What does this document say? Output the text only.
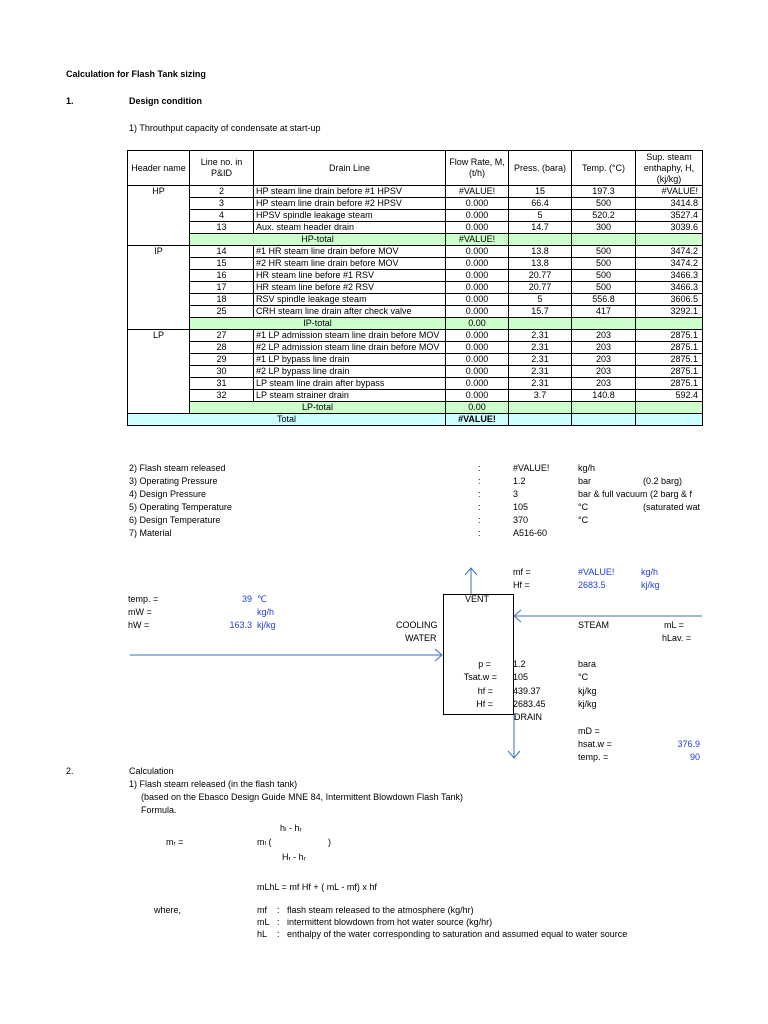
Calculation for Flash Tank sizing
1.	Design condition
1) Throuthput capacity of condensate at start-up
Header name	Line no. in P&ID	Drain Line	Flow Rate, M, (t/h)	Press. (bara)	Temp. (°C)	Sup. steam enthaphy, H, (kj/kg)
HP	2	HP steam line drain before #1 HPSV	#VALUE!	15	197.3	#VALUE!
	3	HP steam line drain before #2 HPSV	0.000	66.4	500	3414.8
	4	HPSV spindle leakage steam	0.000	5	520.2	3527.4
	13	Aux. steam header drain	0.000	14.7	300	3039.6
	HP-total		#VALUE!			
IP	14	#1 HR steam line drain before MOV	0.000	13.8	500	3474.2
	15	#2 HR steam line drain before MOV	0.000	13.8	500	3474.2
	16	HR steam line before #1 RSV	0.000	20.77	500	3466.3
	17	HR steam line before #2 RSV	0.000	20.77	500	3466.3
	18	RSV spindle leakage steam	0.000	5	556.8	3606.5
	25	CRH steam line drain after check valve	0.000	15.7	417	3292.1
	IP-total		0.00			
LP	27	#1 LP admission steam line drain before MOV	0.000	2.31	203	2875.1
	28	#2 LP admission steam line drain before MOV	0.000	2.31	203	2875.1
	29	#1 LP bypass line drain	0.000	2.31	203	2875.1
	30	#2 LP bypass line drain	0.000	2.31	203	2875.1
	31	LP steam line drain after bypass	0.000	2.31	203	2875.1
	32	LP steam strainer drain	0.000	3.7	140.8	592.4
	LP-total		0.00			
Total			#VALUE!			
2) Flash steam released	:	#VALUE!	kg/h
3) Operating Pressure	:	1.2	bar	(0.2 barg)
4) Design Pressure	:	3	bar & full vacuum (2 barg & f
5) Operating Temperature	:	105	°C	(saturated wat
6) Design Temperature	:	370	°C
7) Material	:	A516-60
mf =	#VALUE!	kg/h
Hf =	2683.5	kj/kg
VENT
temp. =	39 ℃
mW =	kg/h
hW =	163.3 kj/kg	COOLING
WATER
STEAM	mL =
hLav. =
p = 1.2	bara
Tsat.w = 105	°C
hf = 439.37	kj/kg
Hf = 2683.45	kj/kg
DRAIN
mD =
hsat.w =	376.9
temp. =	90
2.	Calculation
1) Flash steam released (in the flash tank)
(based on the Ebasco Design Guide MNE 84, Intermittent Blowdown Flash Tank)
Formula.
hₗ - hᵣ
mᵣ =	mₗ (	)
Hᵣ - hᵣ
mLhL = mf Hf + ( mL - mf) x hf
where,	mf : flash steam released to the atmosphere (kg/hr)
mL : intermittent blowdown from hot water source (kg/hr)
hL : enthalpy of the water corresponding to saturation and assumed equal to water source
